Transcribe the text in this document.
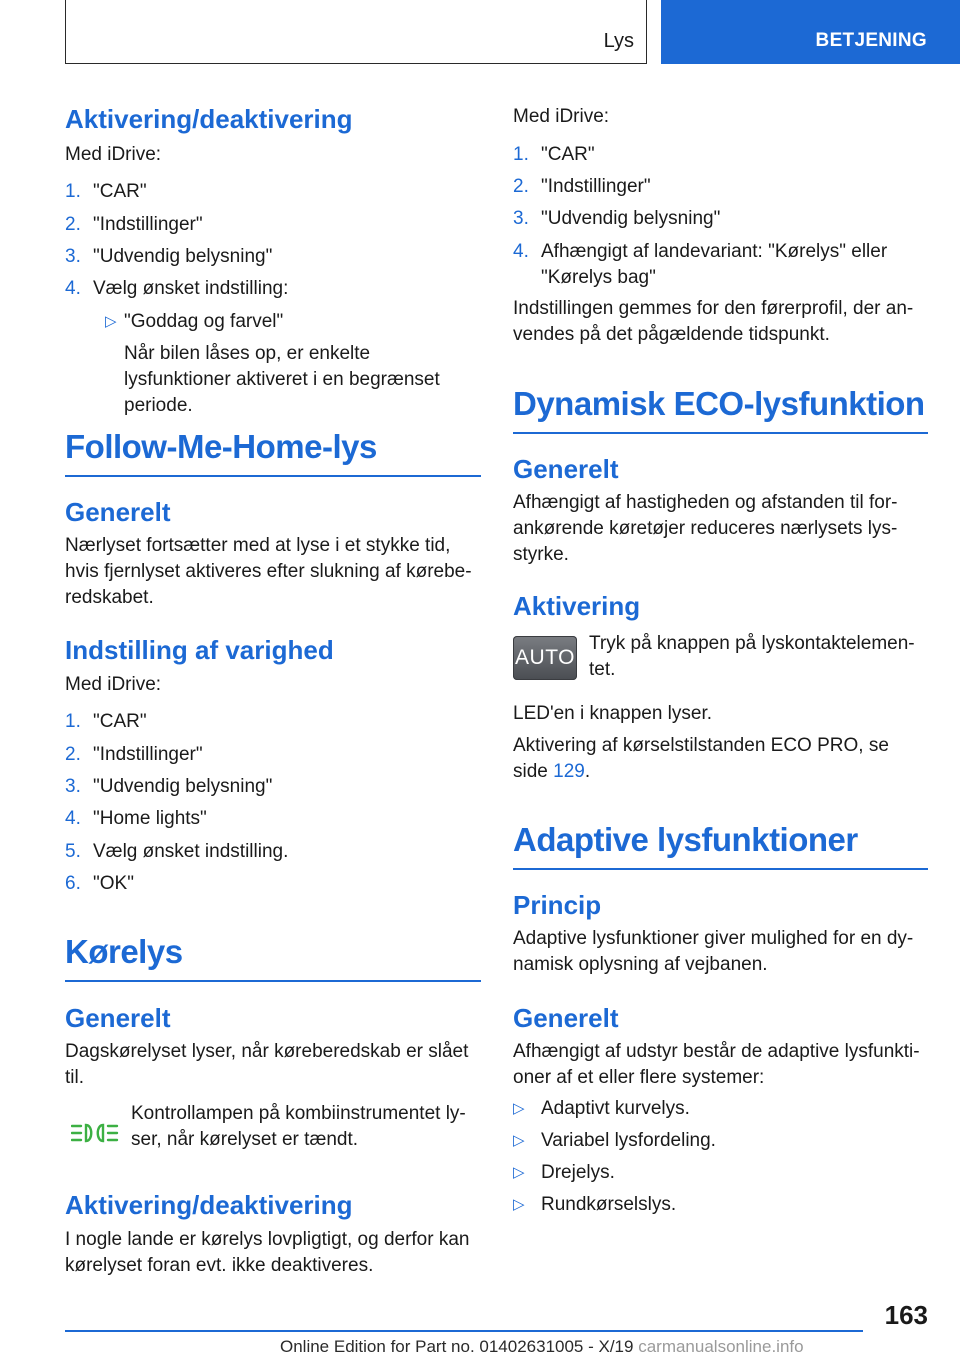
Lys	BETJENING
Aktivering/deaktivering
Med iDrive:
1. "CAR"
2. "Indstillinger"
3. "Udvendig belysning"
4. Vælg ønsket indstilling:
▷ "Goddag og farvel"
Når bilen låses op, er enkelte lysfunktioner aktiveret i en begrænset periode.
Follow-Me-Home-lys
Generelt
Nærlyset fortsætter med at lyse i et stykke tid, hvis fjernlyset aktiveres efter slukning af kørebe-redskabet.
Indstilling af varighed
Med iDrive:
1. "CAR"
2. "Indstillinger"
3. "Udvendig belysning"
4. "Home lights"
5. Vælg ønsket indstilling.
6. "OK"
Kørelys
Generelt
Dagskørelyset lyser, når køreberedskab er slået til.
Kontrollampen på kombiinstrumentet ly-ser, når kørelyset er tændt.
Aktivering/deaktivering
I nogle lande er kørelys lovpligtigt, og derfor kan kørelyset foran evt. ikke deaktiveres.
Med iDrive:
1. "CAR"
2. "Indstillinger"
3. "Udvendig belysning"
4. Afhængigt af landevariant: "Kørelys" eller "Kørelys bag"
Indstillingen gemmes for den førerprofil, der an-vendes på det pågældende tidspunkt.
Dynamisk ECO-lysfunktion
Generelt
Afhængigt af hastigheden og afstanden til for-ankørende køretøjer reduceres nærlysets lys-styrke.
Aktivering
AUTO
Tryk på knappen på lyskontaktelemen-tet.
LED'en i knappen lyser.
Aktivering af kørselstilstanden ECO PRO, se side 129.
Adaptive lysfunktioner
Princip
Adaptive lysfunktioner giver mulighed for en dy-namisk oplysning af vejbanen.
Generelt
Afhængigt af udstyr består de adaptive lysfunkti-oner af et eller flere systemer:
▷ Adaptivt kurvelys.
▷ Variabel lysfordeling.
▷ Drejelys.
▷ Rundkørselslys.
163
Online Edition for Part no. 01402631005 - X/19 carmanualsonline.info
